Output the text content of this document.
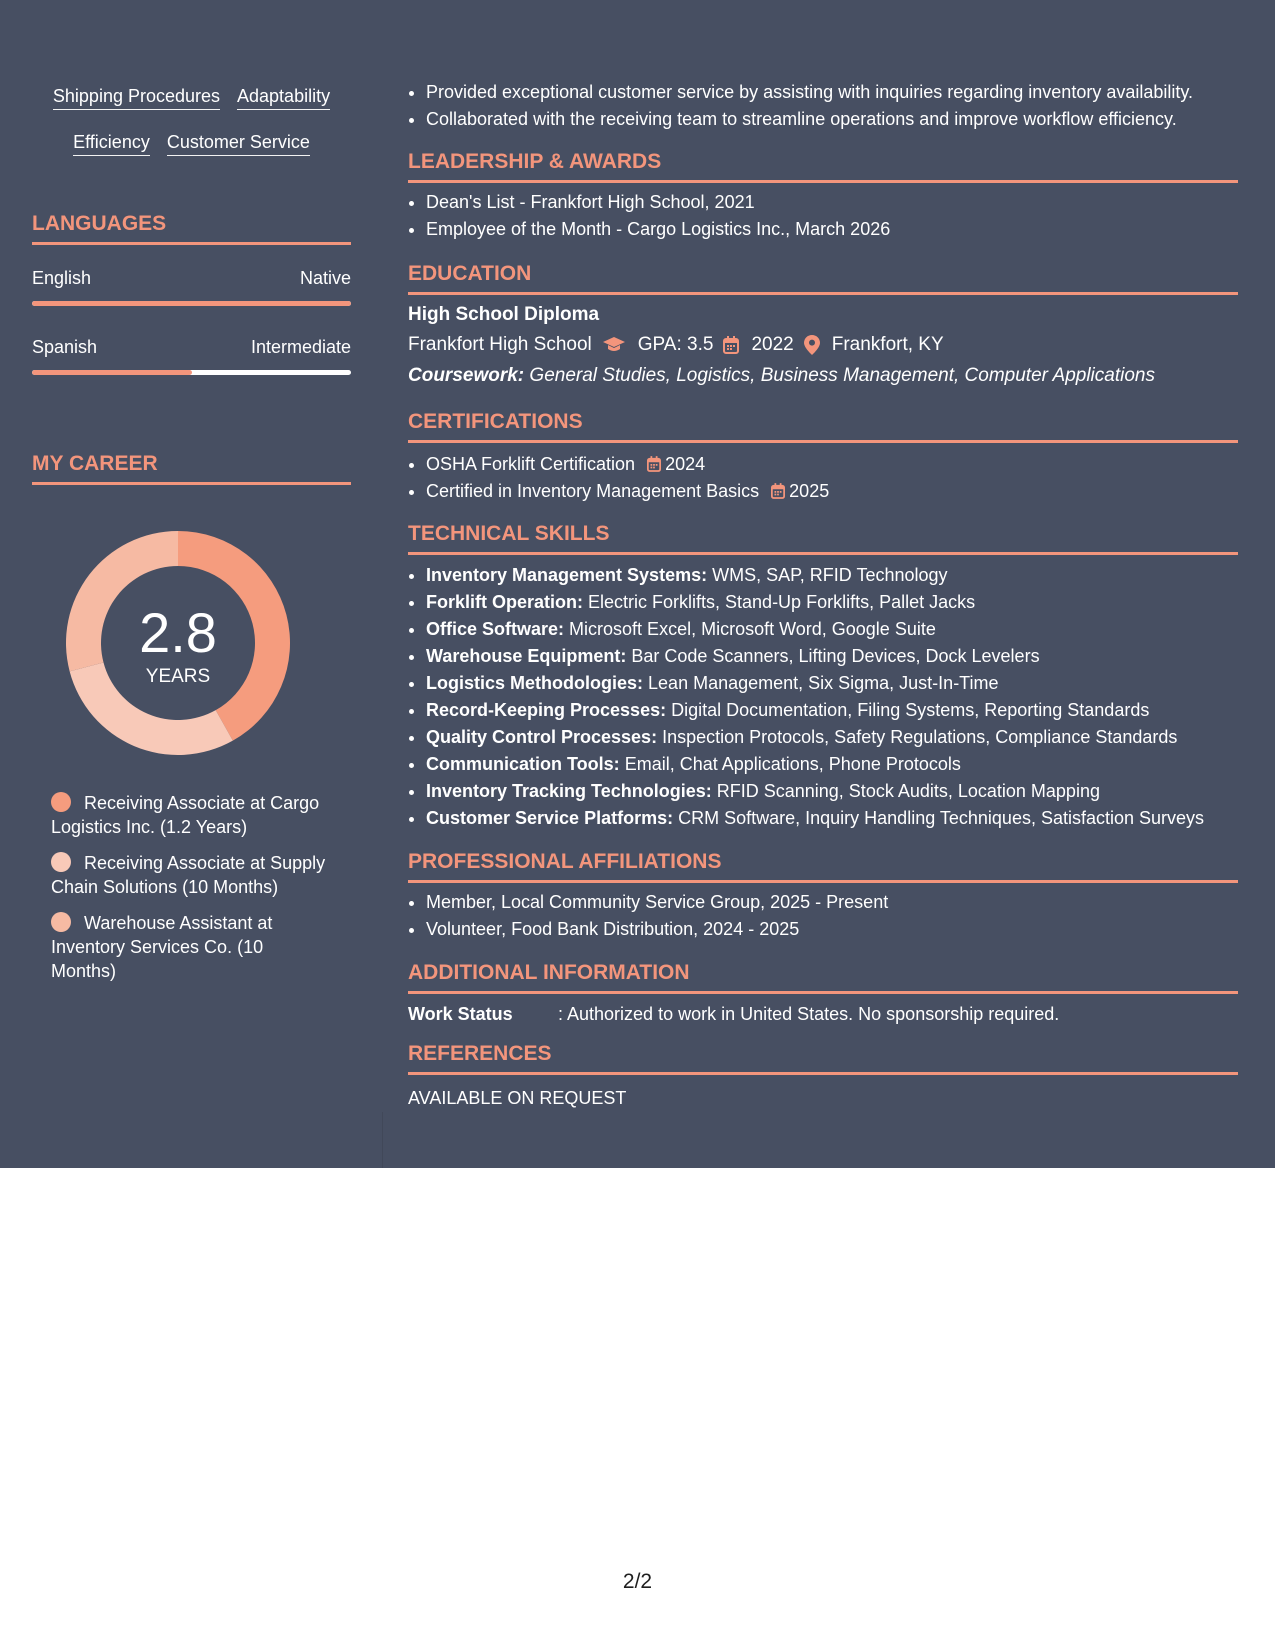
Shipping Procedures Adaptability
Efficiency Customer Service
LANGUAGES
English	Native
Spanish	Intermediate
MY CAREER
2.8
YEARS
Receiving Associate at Cargo Logistics Inc. (1.2 Years)
Receiving Associate at Supply Chain Solutions (10 Months)
Warehouse Assistant at Inventory Services Co. (10 Months)
• Provided exceptional customer service by assisting with inquiries regarding inventory availability.
• Collaborated with the receiving team to streamline operations and improve workflow efficiency.
LEADERSHIP & AWARDS
• Dean's List - Frankfort High School, 2021
• Employee of the Month - Cargo Logistics Inc., March 2026
EDUCATION
High School Diploma
Frankfort High School GPA: 3.5 2022 Frankfort, KY
Coursework: General Studies, Logistics, Business Management, Computer Applications
CERTIFICATIONS
• OSHA Forklift Certification 2024
• Certified in Inventory Management Basics 2025
TECHNICAL SKILLS
• Inventory Management Systems: WMS, SAP, RFID Technology
• Forklift Operation: Electric Forklifts, Stand-Up Forklifts, Pallet Jacks
• Office Software: Microsoft Excel, Microsoft Word, Google Suite
• Warehouse Equipment: Bar Code Scanners, Lifting Devices, Dock Levelers
• Logistics Methodologies: Lean Management, Six Sigma, Just-In-Time
• Record-Keeping Processes: Digital Documentation, Filing Systems, Reporting Standards
• Quality Control Processes: Inspection Protocols, Safety Regulations, Compliance Standards
• Communication Tools: Email, Chat Applications, Phone Protocols
• Inventory Tracking Technologies: RFID Scanning, Stock Audits, Location Mapping
• Customer Service Platforms: CRM Software, Inquiry Handling Techniques, Satisfaction Surveys
PROFESSIONAL AFFILIATIONS
• Member, Local Community Service Group, 2025 - Present
• Volunteer, Food Bank Distribution, 2024 - 2025
ADDITIONAL INFORMATION
Work Status	: Authorized to work in United States. No sponsorship required.
REFERENCES
AVAILABLE ON REQUEST
2/2
